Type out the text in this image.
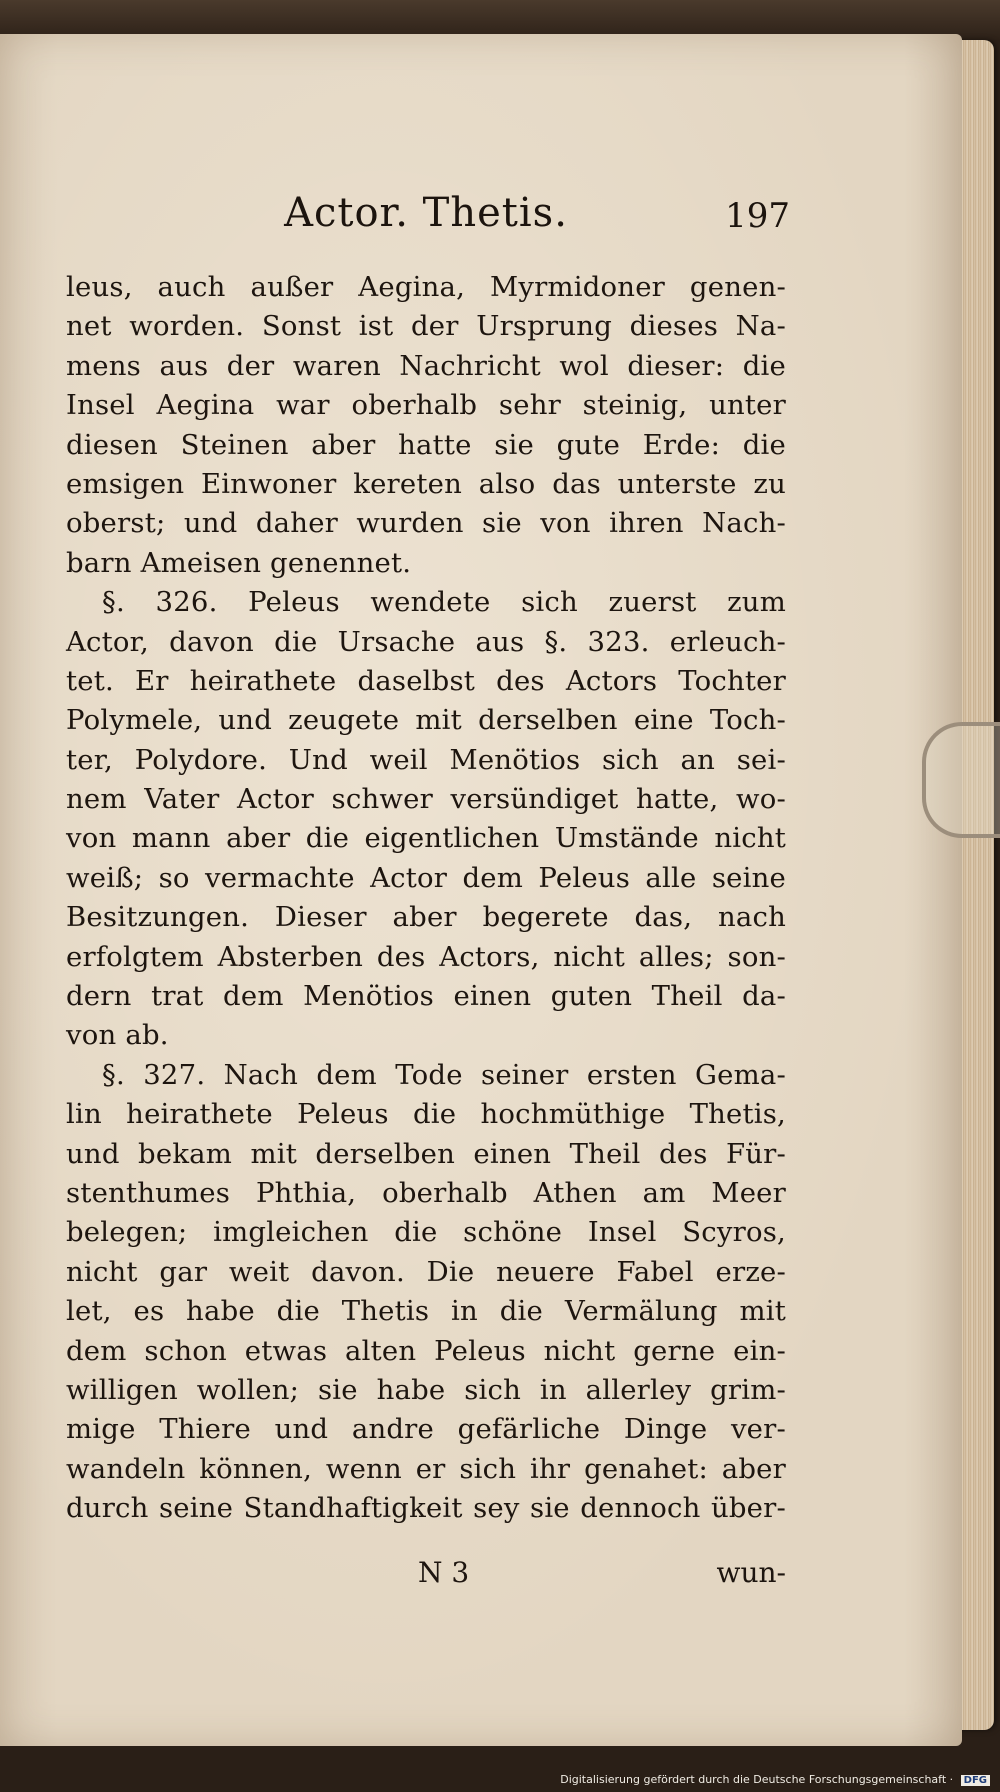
Actor. Thetis.	197
leus, auch außer Aegina, Myrmidoner genen-
net worden. Sonst ist der Ursprung dieses Na-
mens aus der waren Nachricht wol dieser: die
Insel Aegina war oberhalb sehr steinig, unter
diesen Steinen aber hatte sie gute Erde: die
emsigen Einwoner kereten also das unterste zu
oberst; und daher wurden sie von ihren Nach-
barn Ameisen genennet.
§. 326. Peleus wendete sich zuerst zum
Actor, davon die Ursache aus §. 323. erleuch-
tet. Er heirathete daselbst des Actors Tochter
Polymele, und zeugete mit derselben eine Toch-
ter, Polydore. Und weil Menötios sich an sei-
nem Vater Actor schwer versündiget hatte, wo-
von mann aber die eigentlichen Umstände nicht
weiß; so vermachte Actor dem Peleus alle seine
Besitzungen. Dieser aber begerete das, nach
erfolgtem Absterben des Actors, nicht alles; son-
dern trat dem Menötios einen guten Theil da-
von ab.
§. 327. Nach dem Tode seiner ersten Gema-
lin heirathete Peleus die hochmüthige Thetis,
und bekam mit derselben einen Theil des Für-
stenthumes Phthia, oberhalb Athen am Meer
belegen; imgleichen die schöne Insel Scyros,
nicht gar weit davon. Die neuere Fabel erze-
let, es habe die Thetis in die Vermälung mit
dem schon etwas alten Peleus nicht gerne ein-
willigen wollen; sie habe sich in allerley grim-
mige Thiere und andre gefärliche Dinge ver-
wandeln können, wenn er sich ihr genahet: aber
durch seine Standhaftigkeit sey sie dennoch über-
N 3	wun-
Digitalisierung gefördert durch die Deutsche Forschungsgemeinschaft · DFG
